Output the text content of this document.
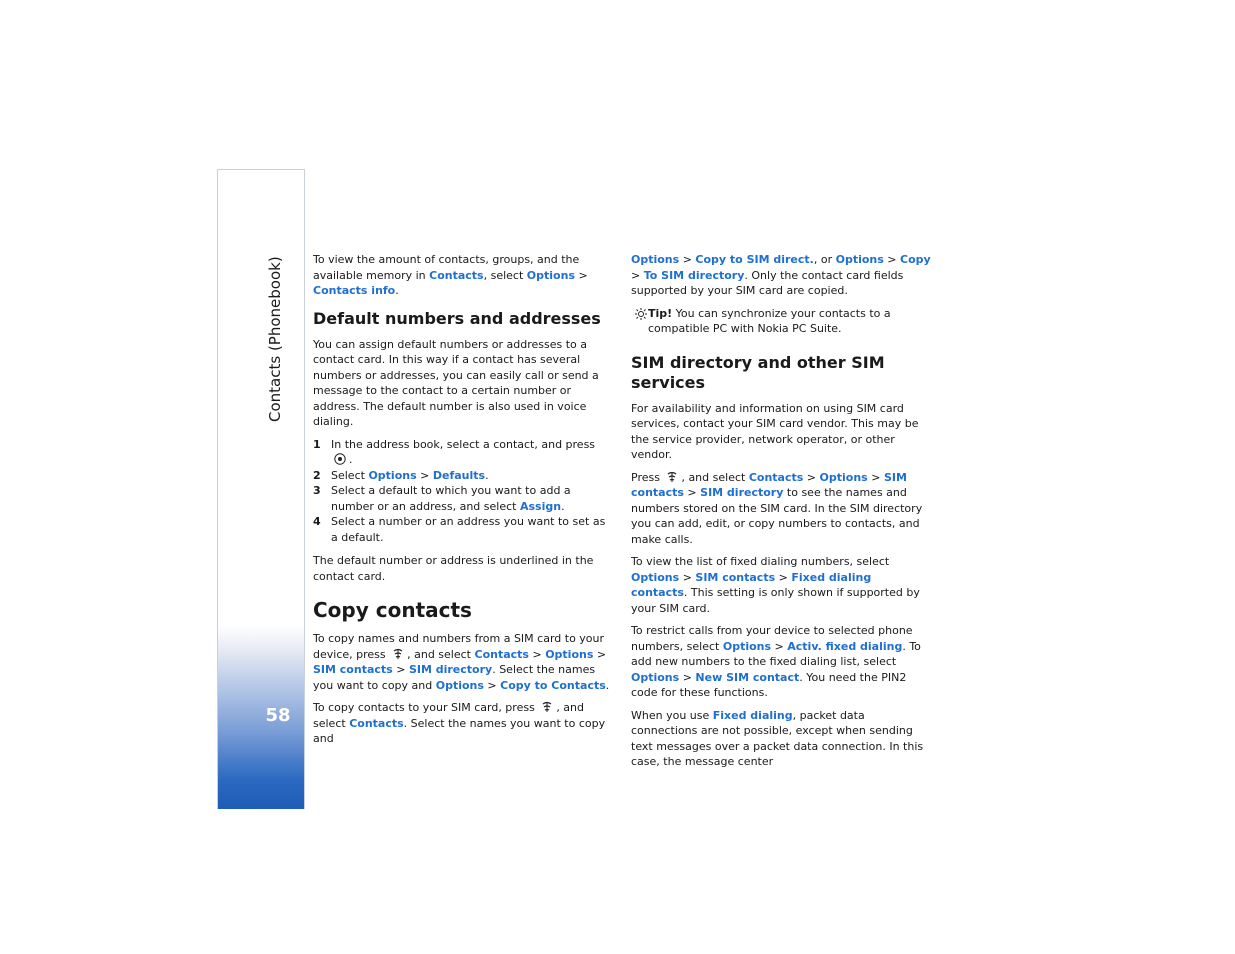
Contacts (Phonebook)
58

To view the amount of contacts, groups, and the available memory in Contacts, select Options > Contacts info.

Default numbers and addresses

You can assign default numbers or addresses to a contact card. In this way if a contact has several numbers or addresses, you can easily call or send a message to the contact to a certain number or address. The default number is also used in voice dialing.

1 In the address book, select a contact, and press .
2 Select Options > Defaults.
3 Select a default to which you want to add a number or an address, and select Assign.
4 Select a number or an address you want to set as a default.

The default number or address is underlined in the contact card.

Copy contacts

To copy names and numbers from a SIM card to your device, press , and select Contacts > Options > SIM contacts > SIM directory. Select the names you want to copy and Options > Copy to Contacts.

To copy contacts to your SIM card, press , and select Contacts. Select the names you want to copy and

Options > Copy to SIM direct., or Options > Copy > To SIM directory. Only the contact card fields supported by your SIM card are copied.

Tip! You can synchronize your contacts to a compatible PC with Nokia PC Suite.
SIM directory and other SIM services

For availability and information on using SIM card services, contact your SIM card vendor. This may be the service provider, network operator, or other vendor.

Press , and select Contacts > Options > SIM contacts > SIM directory to see the names and numbers stored on the SIM card. In the SIM directory you can add, edit, or copy numbers to contacts, and make calls.

To view the list of fixed dialing numbers, select Options > SIM contacts > Fixed dialing contacts. This setting is only shown if supported by your SIM card.

To restrict calls from your device to selected phone numbers, select Options > Activ. fixed dialing. To add new numbers to the fixed dialing list, select Options > New SIM contact. You need the PIN2 code for these functions.

When you use Fixed dialing, packet data connections are not possible, except when sending text messages over a packet data connection. In this case, the message center
